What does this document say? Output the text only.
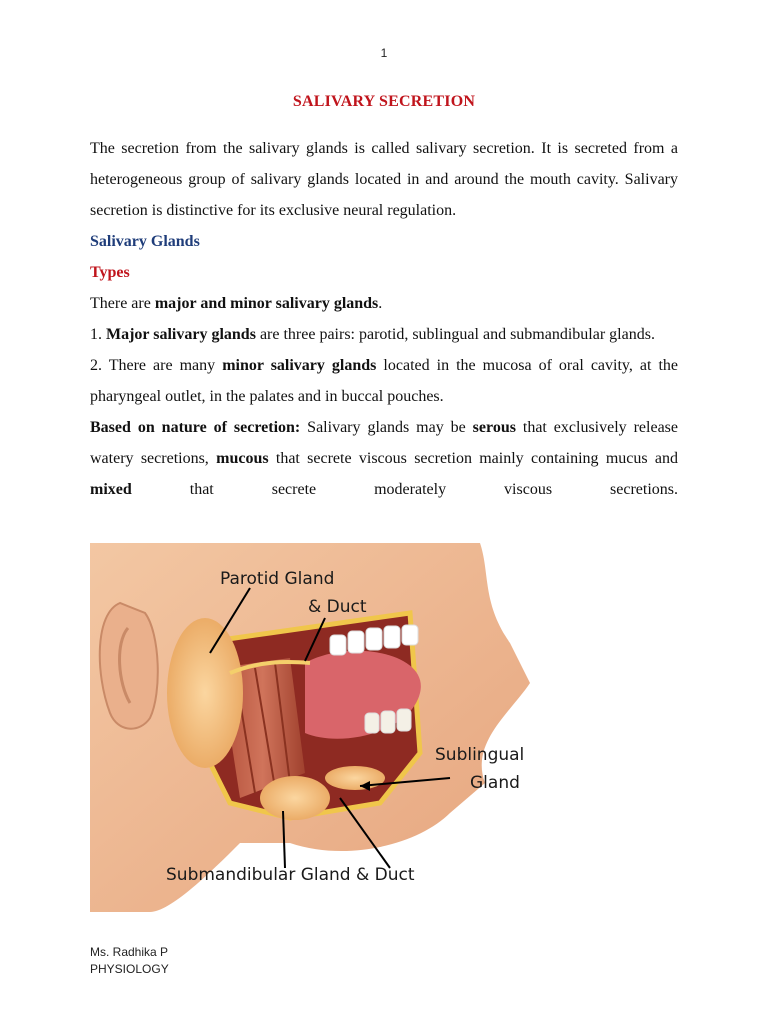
1
SALIVARY SECRETION

The secretion from the salivary glands is called salivary secretion. It is secreted from a heterogeneous group of salivary glands located in and around the mouth cavity. Salivary secretion is distinctive for its exclusive neural regulation.

Salivary Glands

Types

There are major and minor salivary glands.

1. Major salivary glands are three pairs: parotid, sublingual and submandibular glands.

2. There are many minor salivary glands located in the mucosa of oral cavity, at the pharyngeal outlet, in the palates and in buccal pouches.

Based on nature of secretion: Salivary glands may be serous that exclusively release watery secretions, mucous that secrete viscous secretion mainly containing mucus and mixed that secrete moderately viscous secretions.

Parotid Gland
& Duct
Sublingual
Gland
Submandibular Gland & Duct
Ms. Radhika P
PHYSIOLOGY
